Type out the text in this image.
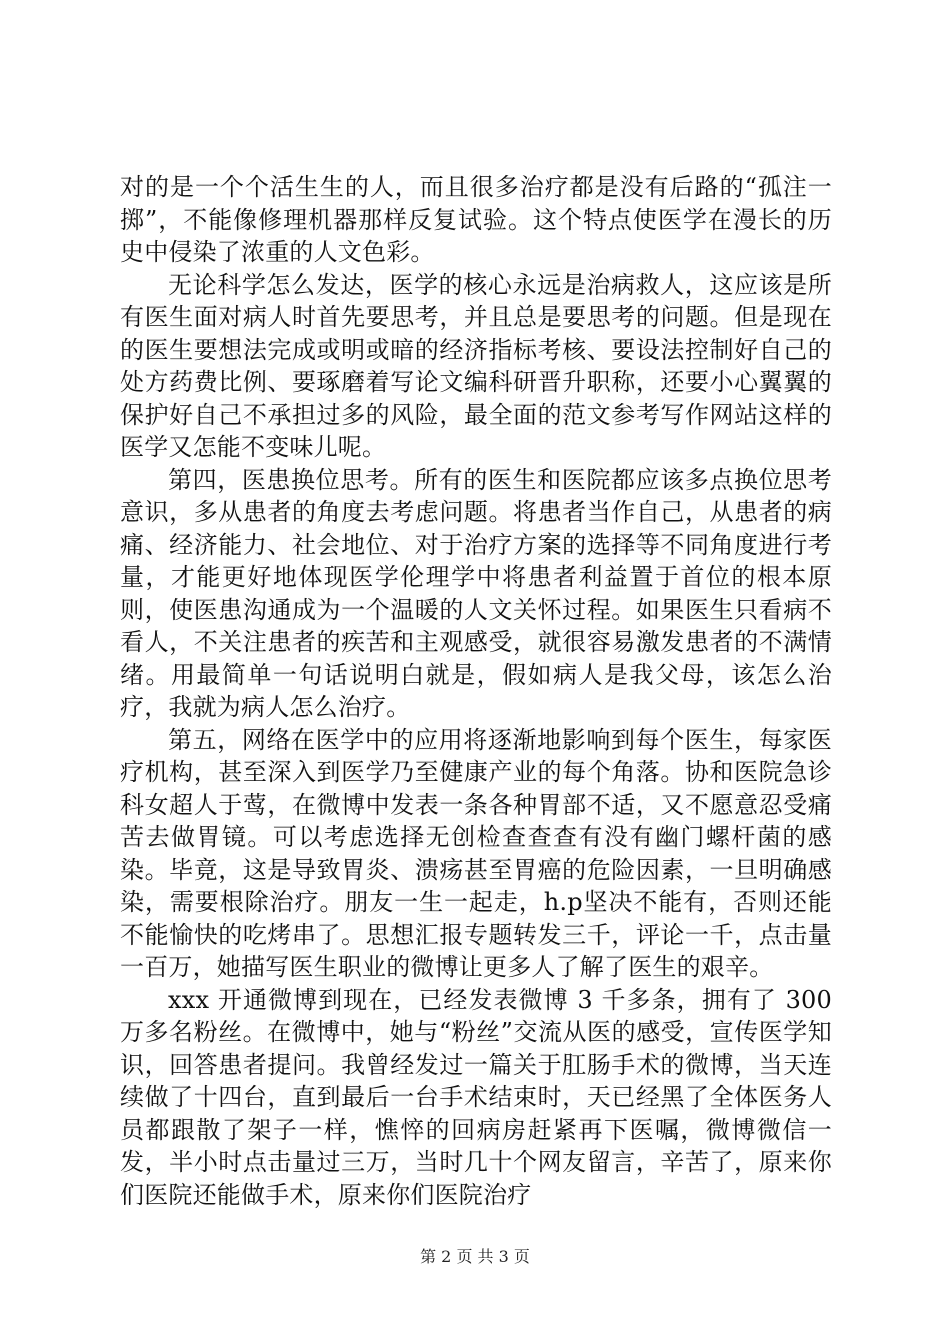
对的是一个个活生生的人，而且很多治疗都是没有后路的“孤注一掷”，不能像修理机器那样反复试验。这个特点使医学在漫长的历史中侵染了浓重的人文色彩。

无论科学怎么发达，医学的核心永远是治病救人，这应该是所有医生面对病人时首先要思考，并且总是要思考的问题。但是现在的医生要想法完成或明或暗的经济指标考核、要设法控制好自己的处方药费比例、要琢磨着写论文编科研晋升职称，还要小心翼翼的保护好自己不承担过多的风险，最全面的范文参考写作网站这样的医学又怎能不变味儿呢。

第四，医患换位思考。所有的医生和医院都应该多点换位思考意识，多从患者的角度去考虑问题。将患者当作自己，从患者的病痛、经济能力、社会地位、对于治疗方案的选择等不同角度进行考量，才能更好地体现医学伦理学中将患者利益置于首位的根本原则，使医患沟通成为一个温暖的人文关怀过程。如果医生只看病不看人，不关注患者的疾苦和主观感受，就很容易激发患者的不满情绪。用最简单一句话说明白就是，假如病人是我父母，该怎么治疗，我就为病人怎么治疗。

第五，网络在医学中的应用将逐渐地影响到每个医生，每家医疗机构，甚至深入到医学乃至健康产业的每个角落。协和医院急诊科女超人于莺，在微博中发表一条各种胃部不适，又不愿意忍受痛苦去做胃镜。可以考虑选择无创检查查查有没有幽门螺杆菌的感染。毕竟，这是导致胃炎、溃疡甚至胃癌的危险因素，一旦明确感染，需要根除治疗。朋友一生一起走，h.p坚决不能有，否则还能不能愉快的吃烤串了。思想汇报专题转发三千，评论一千，点击量一百万，她描写医生职业的微博让更多人了解了医生的艰辛。

xxx 开通微博到现在，已经发表微博 3 千多条，拥有了 300 万多名粉丝。在微博中，她与“粉丝”交流从医的感受，宣传医学知识，回答患者提问。我曾经发过一篇关于肛肠手术的微博，当天连续做了十四台，直到最后一台手术结束时，天已经黑了全体医务人员都跟散了架子一样，憔悴的回病房赶紧再下医嘱，微博微信一发，半小时点击量过三万，当时几十个网友留言，辛苦了，原来你们医院还能做手术，原来你们医院治疗

第 2 页 共 3 页
